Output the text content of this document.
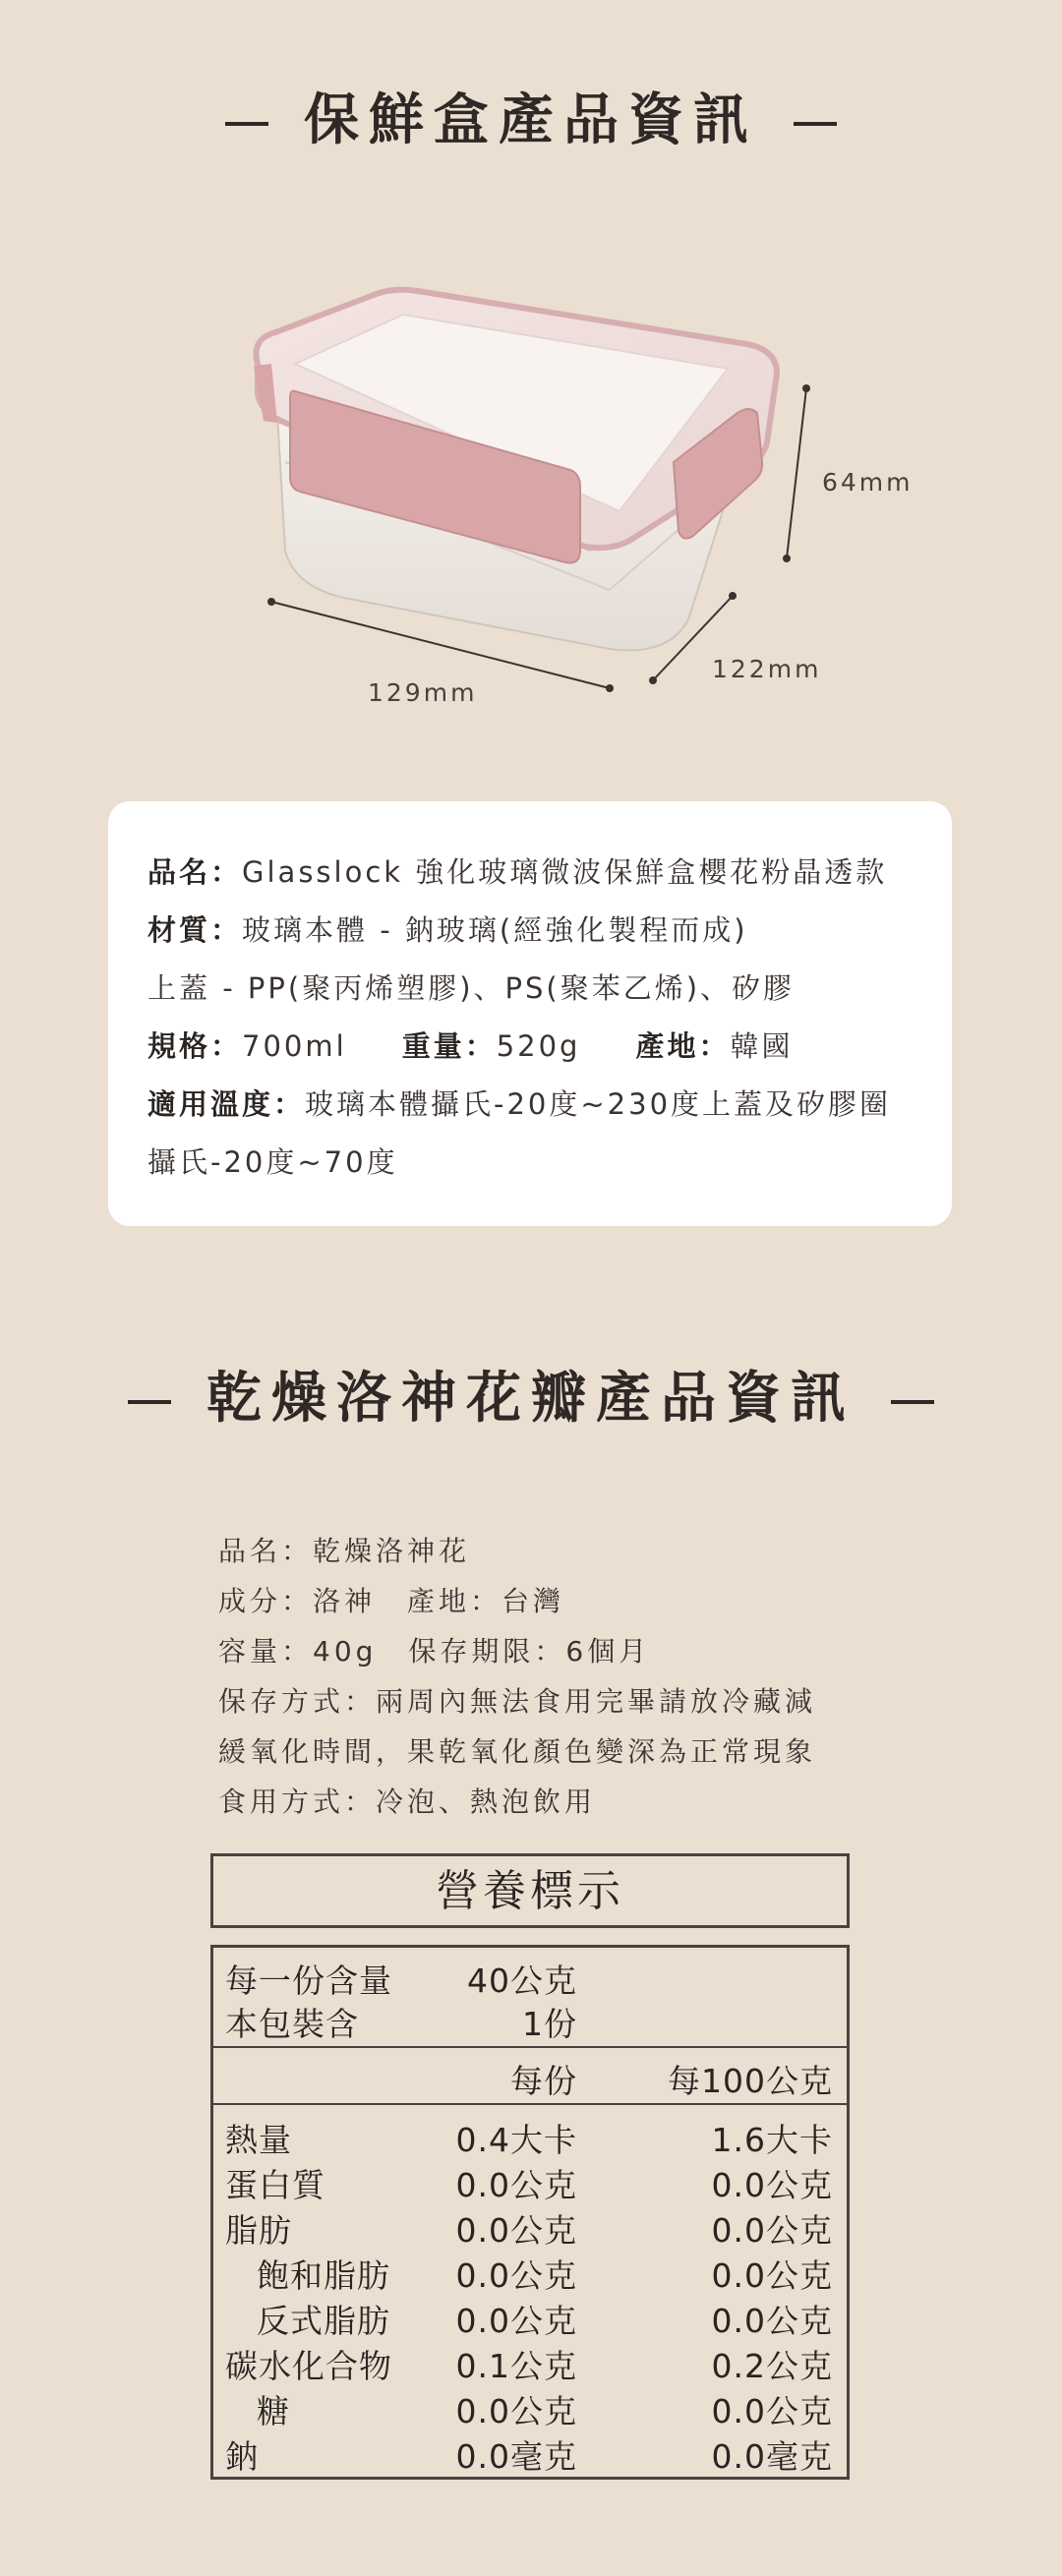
保鮮盒產品資訊
64mm
122mm
129mm
品名：Glasslock 強化玻璃微波保鮮盒櫻花粉晶透款
材質：玻璃本體 - 鈉玻璃(經強化製程而成)
上蓋 - PP(聚丙烯塑膠)、PS(聚苯乙烯)、矽膠
規格：700ml 重量：520g 產地：韓國
適用溫度：玻璃本體攝氏-20度~230度上蓋及矽膠圈
攝氏-20度~70度
乾燥洛神花瓣產品資訊
品名：乾燥洛神花
成分：洛神　產地：台灣
容量：40g　保存期限：6個月
保存方式：兩周內無法食用完畢請放冷藏減
緩氧化時間，果乾氧化顏色變深為正常現象
食用方式：冷泡、熱泡飲用
營養標示
每一份含量	40公克
本包裝含	1份
每份	每100公克
熱量	0.4大卡	1.6大卡
蛋白質	0.0公克	0.0公克
脂肪	0.0公克	0.0公克
飽和脂肪	0.0公克	0.0公克
反式脂肪	0.0公克	0.0公克
碳水化合物	0.1公克	0.2公克
糖	0.0公克	0.0公克
鈉	0.0毫克	0.0毫克
